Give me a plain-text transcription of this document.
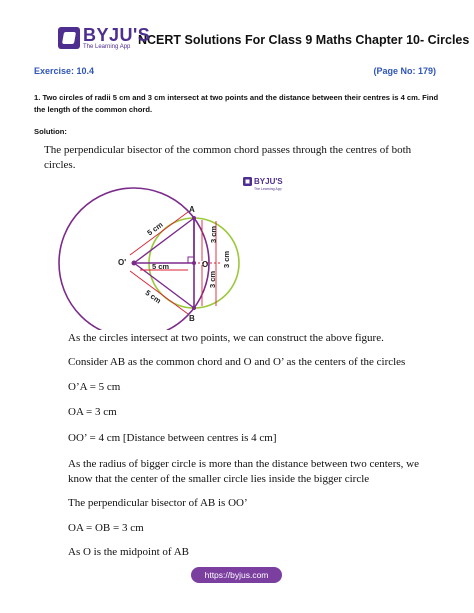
BYJU'S
The Learning App NCERT Solutions For Class 9 Maths Chapter 10- Circles
Exercise: 10.4	(Page No: 179)
1. Two circles of radii 5 cm and 3 cm intersect at two points and the distance between their centres is 4 cm. Find the length of the common chord.
Solution:
The perpendicular bisector of the common chord passes through the centres of both circles.
BYJU'S
The Learning App
A
B
O
O'
5 cm
5 cm
5 cm
3 cm
3 cm
3 cm
As the circles intersect at two points, we can construct the above figure.
Consider AB as the common chord and O and O’ as the centers of the circles
O’A = 5 cm
OA = 3 cm
OO’ = 4 cm [Distance between centres is 4 cm]
As the radius of bigger circle is more than the distance between two centers, we know that the center of the smaller circle lies inside the bigger circle
The perpendicular bisector of AB is OO’
OA = OB = 3 cm
As O is the midpoint of AB
https://byjus.com
